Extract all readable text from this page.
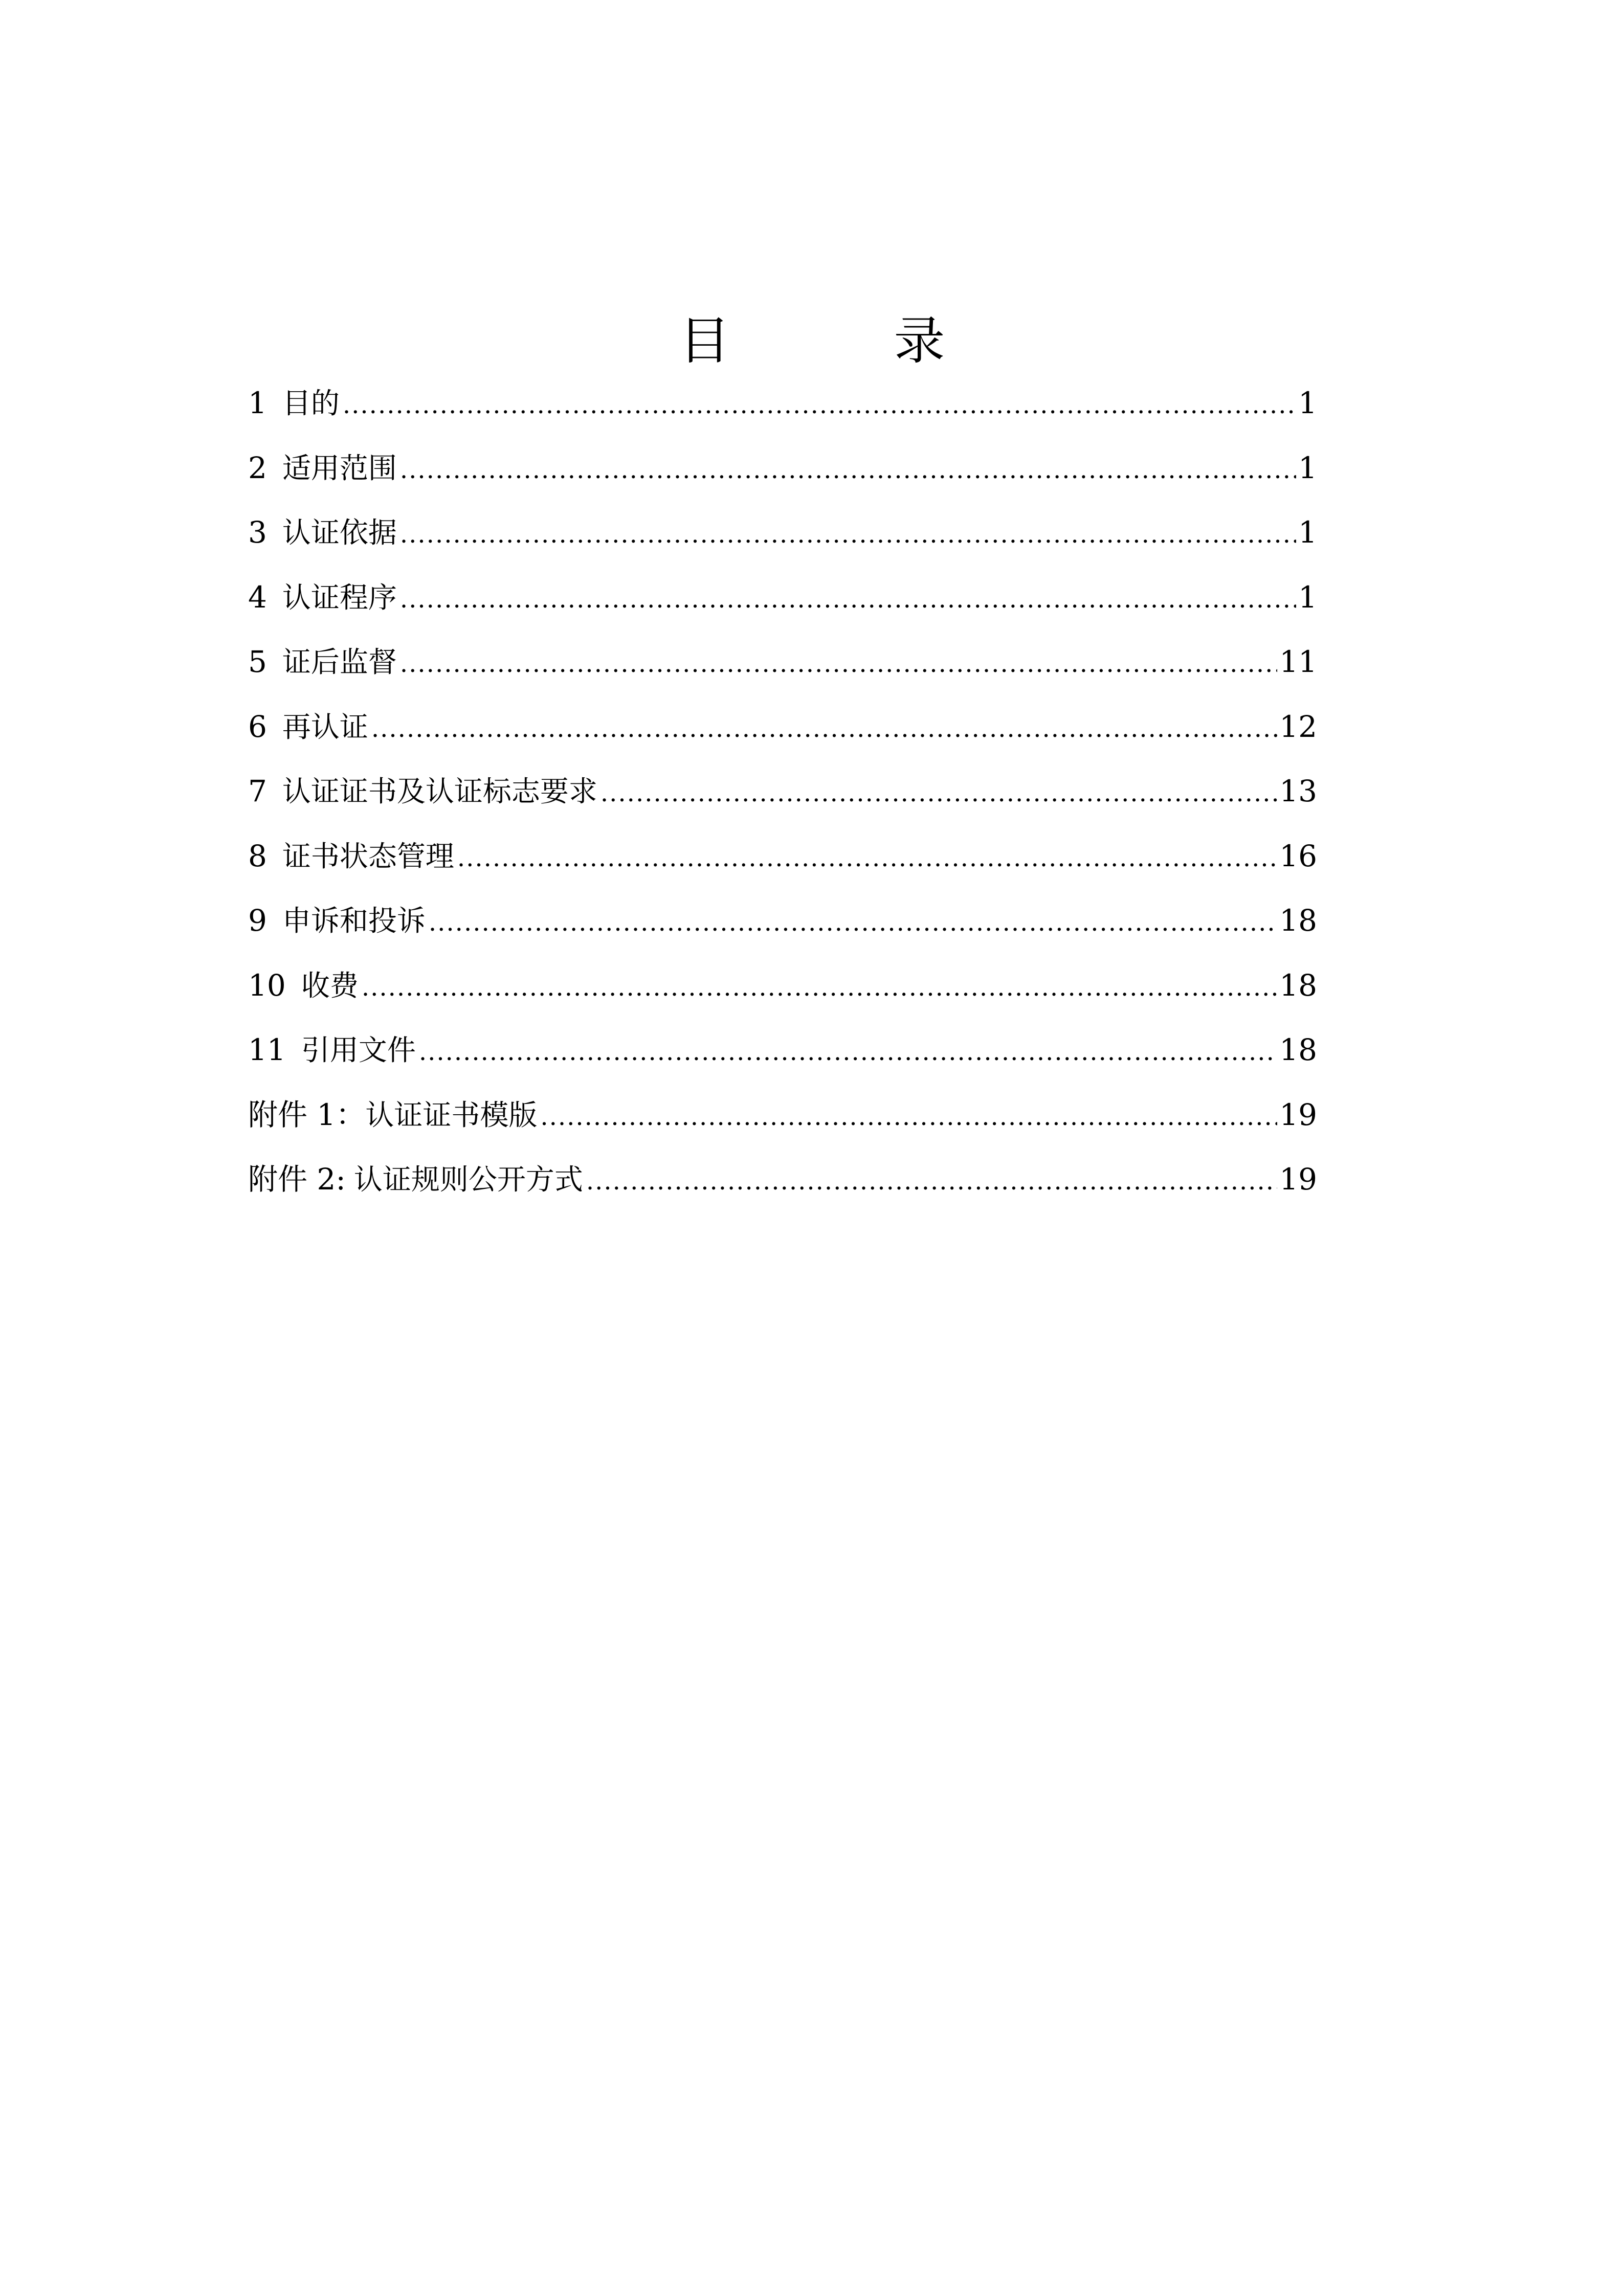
目　录
1 目的 .....	1
2 适用范围 .....	1
3 认证依据 .....	1
4 认证程序 .....	1
5 证后监督 .....	11
6 再认证 .....	12
7 认证证书及认证标志要求 .....	13
8 证书状态管理 .....	16
9 申诉和投诉 .....	18
10 收费 .....	18
11 引用文件 .....	18
附件 1： 认证证书模版 .....	19
附件 2: 认证规则公开方式 .....	19
